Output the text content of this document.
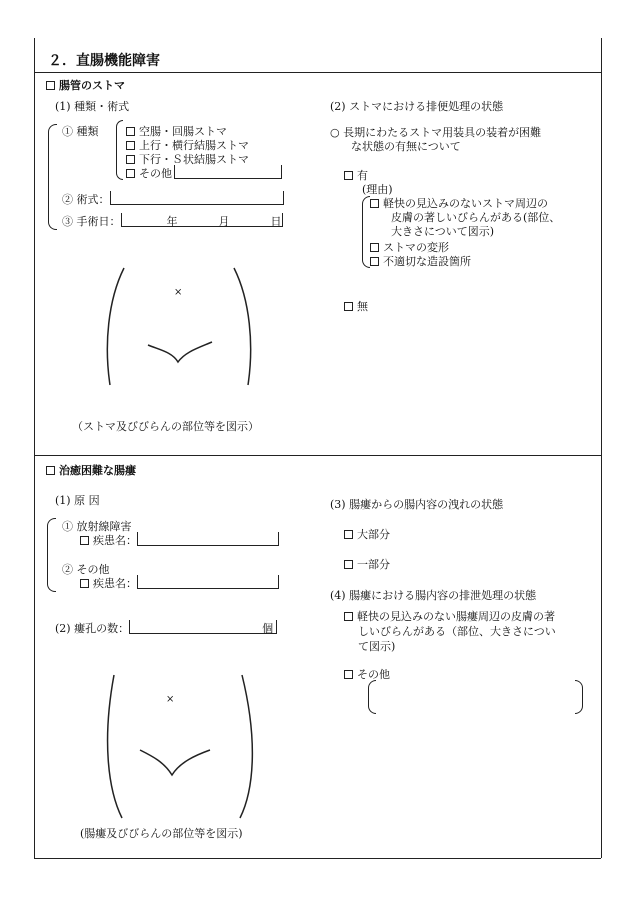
２．直腸機能障害
腸管のストマ
(1) 種類・術式
① 種類	空腸・回腸ストマ
上行・横行結腸ストマ
下行・Ｓ状結腸ストマ
その他
② 術式：
③ 手術日：	年	月	日
×
×
（ストマ及びびらんの部位等を図示）
(2) ストマにおける排便処理の状態
○ 長期にわたるストマ用装具の装着が困難
な状態の有無について
有
(理由)
軽快の見込みのないストマ周辺の
皮膚の著しいびらんがある(部位、
大きさについて図示)
ストマの変形
不適切な造設箇所
無
治癒困難な腸瘻
(1) 原 因
① 放射線障害
疾患名：
② その他
疾患名：
(2) 瘻孔の数：	個
(腸瘻及びびらんの部位等を図示)
(3) 腸瘻からの腸内容の洩れの状態
大部分
一部分
(4) 腸瘻における腸内容の排泄処理の状態
軽快の見込みのない腸瘻周辺の皮膚の著
しいびらんがある（部位、大きさについ
て図示)
その他
